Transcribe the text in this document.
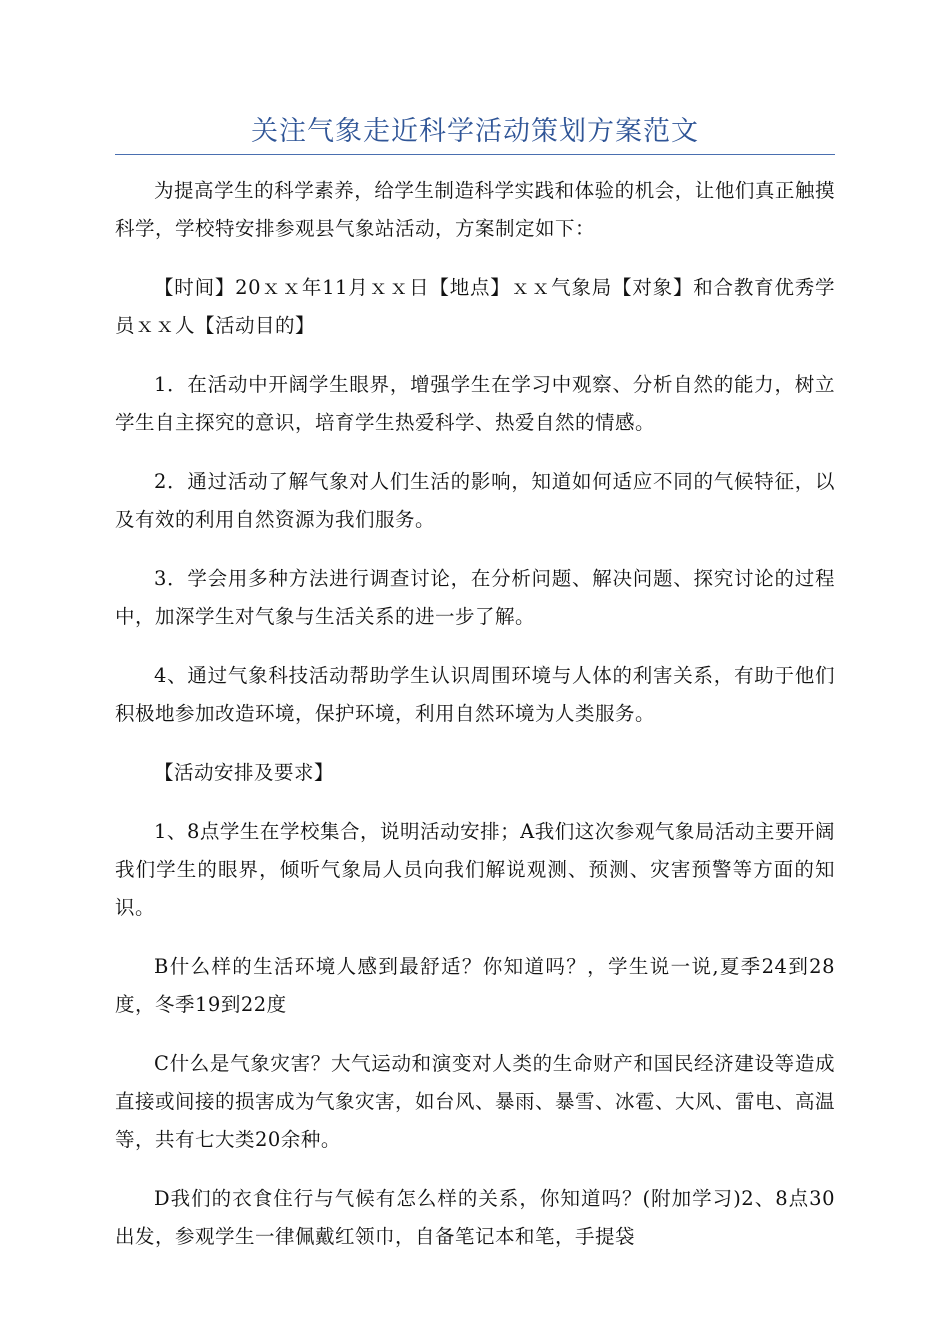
关注气象走近科学活动策划方案范文

为提高学生的科学素养，给学生制造科学实践和体验的机会，让他们真正触摸科学，学校特安排参观县气象站活动，方案制定如下：

【时间】20ｘｘ年11月ｘｘ日【地点】ｘｘ气象局【对象】和合教育优秀学员ｘｘ人【活动目的】

1．在活动中开阔学生眼界，增强学生在学习中观察、分析自然的能力，树立学生自主探究的意识，培育学生热爱科学、热爱自然的情感。

2．通过活动了解气象对人们生活的影响，知道如何适应不同的气候特征，以及有效的利用自然资源为我们服务。

3．学会用多种方法进行调查讨论，在分析问题、解决问题、探究讨论的过程中，加深学生对气象与生活关系的进一步了解。

4、通过气象科技活动帮助学生认识周围环境与人体的利害关系，有助于他们积极地参加改造环境，保护环境，利用自然环境为人类服务。

【活动安排及要求】

1、8点学生在学校集合，说明活动安排；A我们这次参观气象局活动主要开阔我们学生的眼界，倾听气象局人员向我们解说观测、预测、灾害预警等方面的知识。

B什么样的生活环境人感到最舒适？你知道吗？，学生说一说,夏季24到28度，冬季19到22度

C什么是气象灾害？大气运动和演变对人类的生命财产和国民经济建设等造成直接或间接的损害成为气象灾害，如台风、暴雨、暴雪、冰雹、大风、雷电、高温等，共有七大类20余种。

D我们的衣食住行与气候有怎么样的关系，你知道吗？(附加学习)2、8点30出发，参观学生一律佩戴红领巾，自备笔记本和笔，手提袋
